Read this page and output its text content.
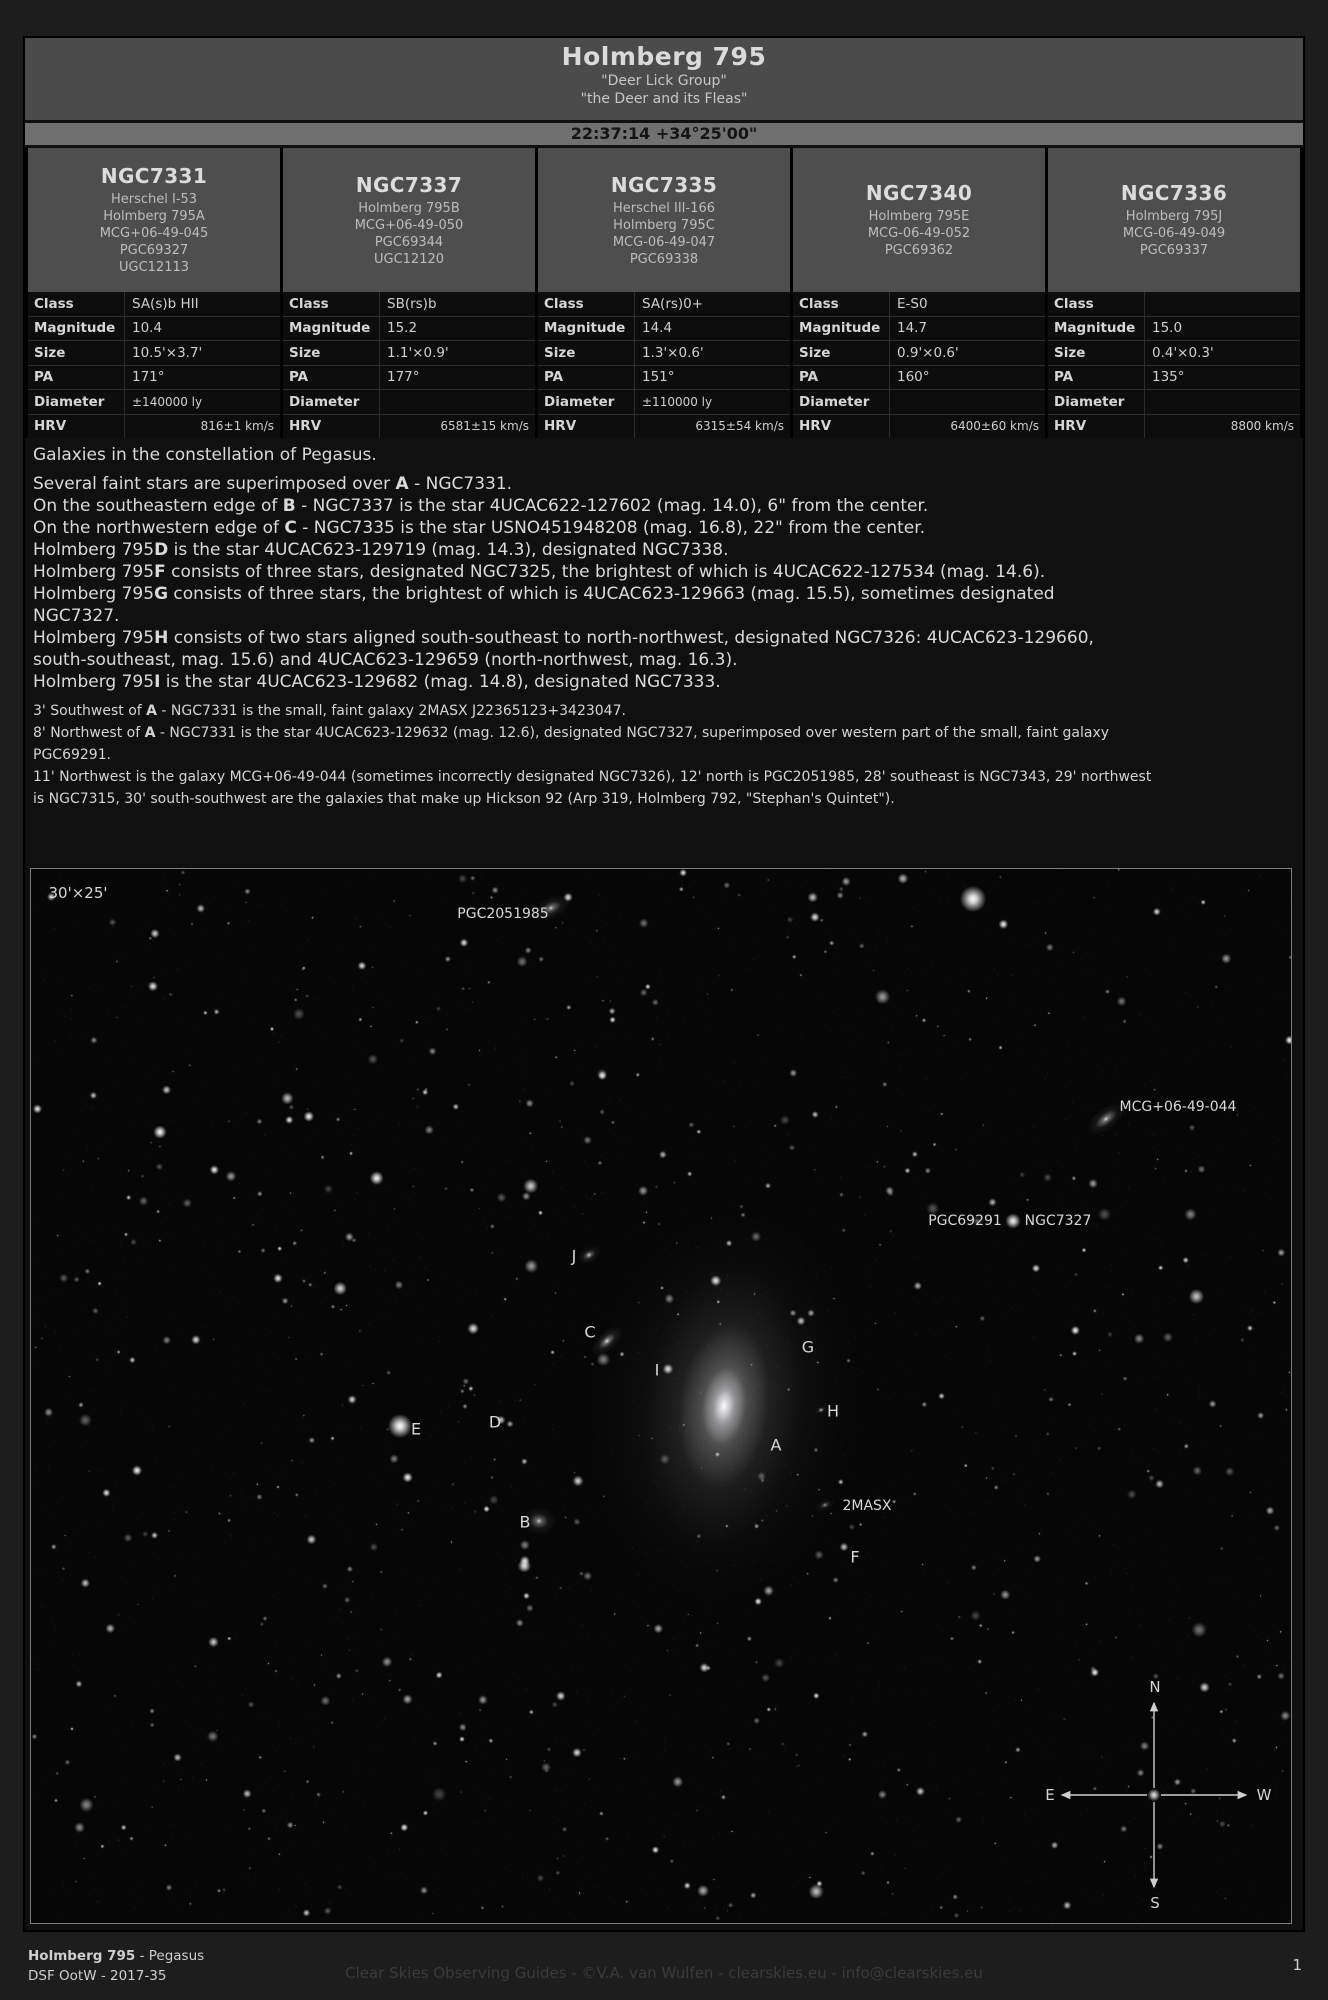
Holmberg 795
"Deer Lick Group"
"the Deer and its Fleas"
22:37:14 +34°25'00"
NGC7331
Herschel I-53
Holmberg 795A
MCG+06-49-045
PGC69327
UGC12113
NGC7337
Holmberg 795B
MCG+06-49-050
PGC69344
UGC12120
NGC7335
Herschel III-166
Holmberg 795C
MCG-06-49-047
PGC69338
NGC7340
Holmberg 795E
MCG-06-49-052
PGC69362
NGC7336
Holmberg 795J
MCG-06-49-049
PGC69337
Class	SA(s)b HII
Magnitude	10.4
Size	10.5'×3.7'
PA	171°
Diameter	±140000 ly
HRV	816±1 km/s
Class	SB(rs)b
Magnitude	15.2
Size	1.1'×0.9'
PA	177°
Diameter
HRV	6581±15 km/s
Class	SA(rs)0+
Magnitude	14.4
Size	1.3'×0.6'
PA	151°
Diameter	±110000 ly
HRV	6315±54 km/s
Class	E-S0
Magnitude	14.7
Size	0.9'×0.6'
PA	160°
Diameter
HRV	6400±60 km/s
Class
Magnitude	15.0
Size	0.4'×0.3'
PA	135°
Diameter
HRV	8800 km/s

Galaxies in the constellation of Pegasus.

Several faint stars are superimposed over A - NGC7331.

On the southeastern edge of B - NGC7337 is the star 4UCAC622-127602 (mag. 14.0), 6" from the center.

On the northwestern edge of C - NGC7335 is the star USNO451948208 (mag. 16.8), 22" from the center.

Holmberg 795D is the star 4UCAC623-129719 (mag. 14.3), designated NGC7338.

Holmberg 795F consists of three stars, designated NGC7325, the brightest of which is 4UCAC622-127534 (mag. 14.6).

Holmberg 795G consists of three stars, the brightest of which is 4UCAC623-129663 (mag. 15.5), sometimes designated

NGC7327.

Holmberg 795H consists of two stars aligned south-southeast to north-northwest, designated NGC7326: 4UCAC623-129660,

south-southeast, mag. 15.6) and 4UCAC623-129659 (north-northwest, mag. 16.3).

Holmberg 795I is the star 4UCAC623-129682 (mag. 14.8), designated NGC7333.

3' Southwest of A - NGC7331 is the small, faint galaxy 2MASX J22365123+3423047.

8' Northwest of A - NGC7331 is the star 4UCAC623-129632 (mag. 12.6), designated NGC7327, superimposed over western part of the small, faint galaxy

PGC69291.

11' Northwest is the galaxy MCG+06-49-044 (sometimes incorrectly designated NGC7326), 12' north is PGC2051985, 28' southeast is NGC7343, 29' northwest

is NGC7315, 30' south-southwest are the galaxies that make up Hickson 92 (Arp 319, Holmberg 792, "Stephan's Quintet").

30'×25'
PGC2051985
MCG+06-49-044
PGC69291 NGC7327
J
C
I
G
D
E
H
A
B
2MASX
F
N
E	W
S
Holmberg 795 - Pegasus
DSF OotW - 2017-35	Clear Skies Observing Guides - ©V.A. van Wulfen - clearskies.eu - info@clearskies.eu	1
